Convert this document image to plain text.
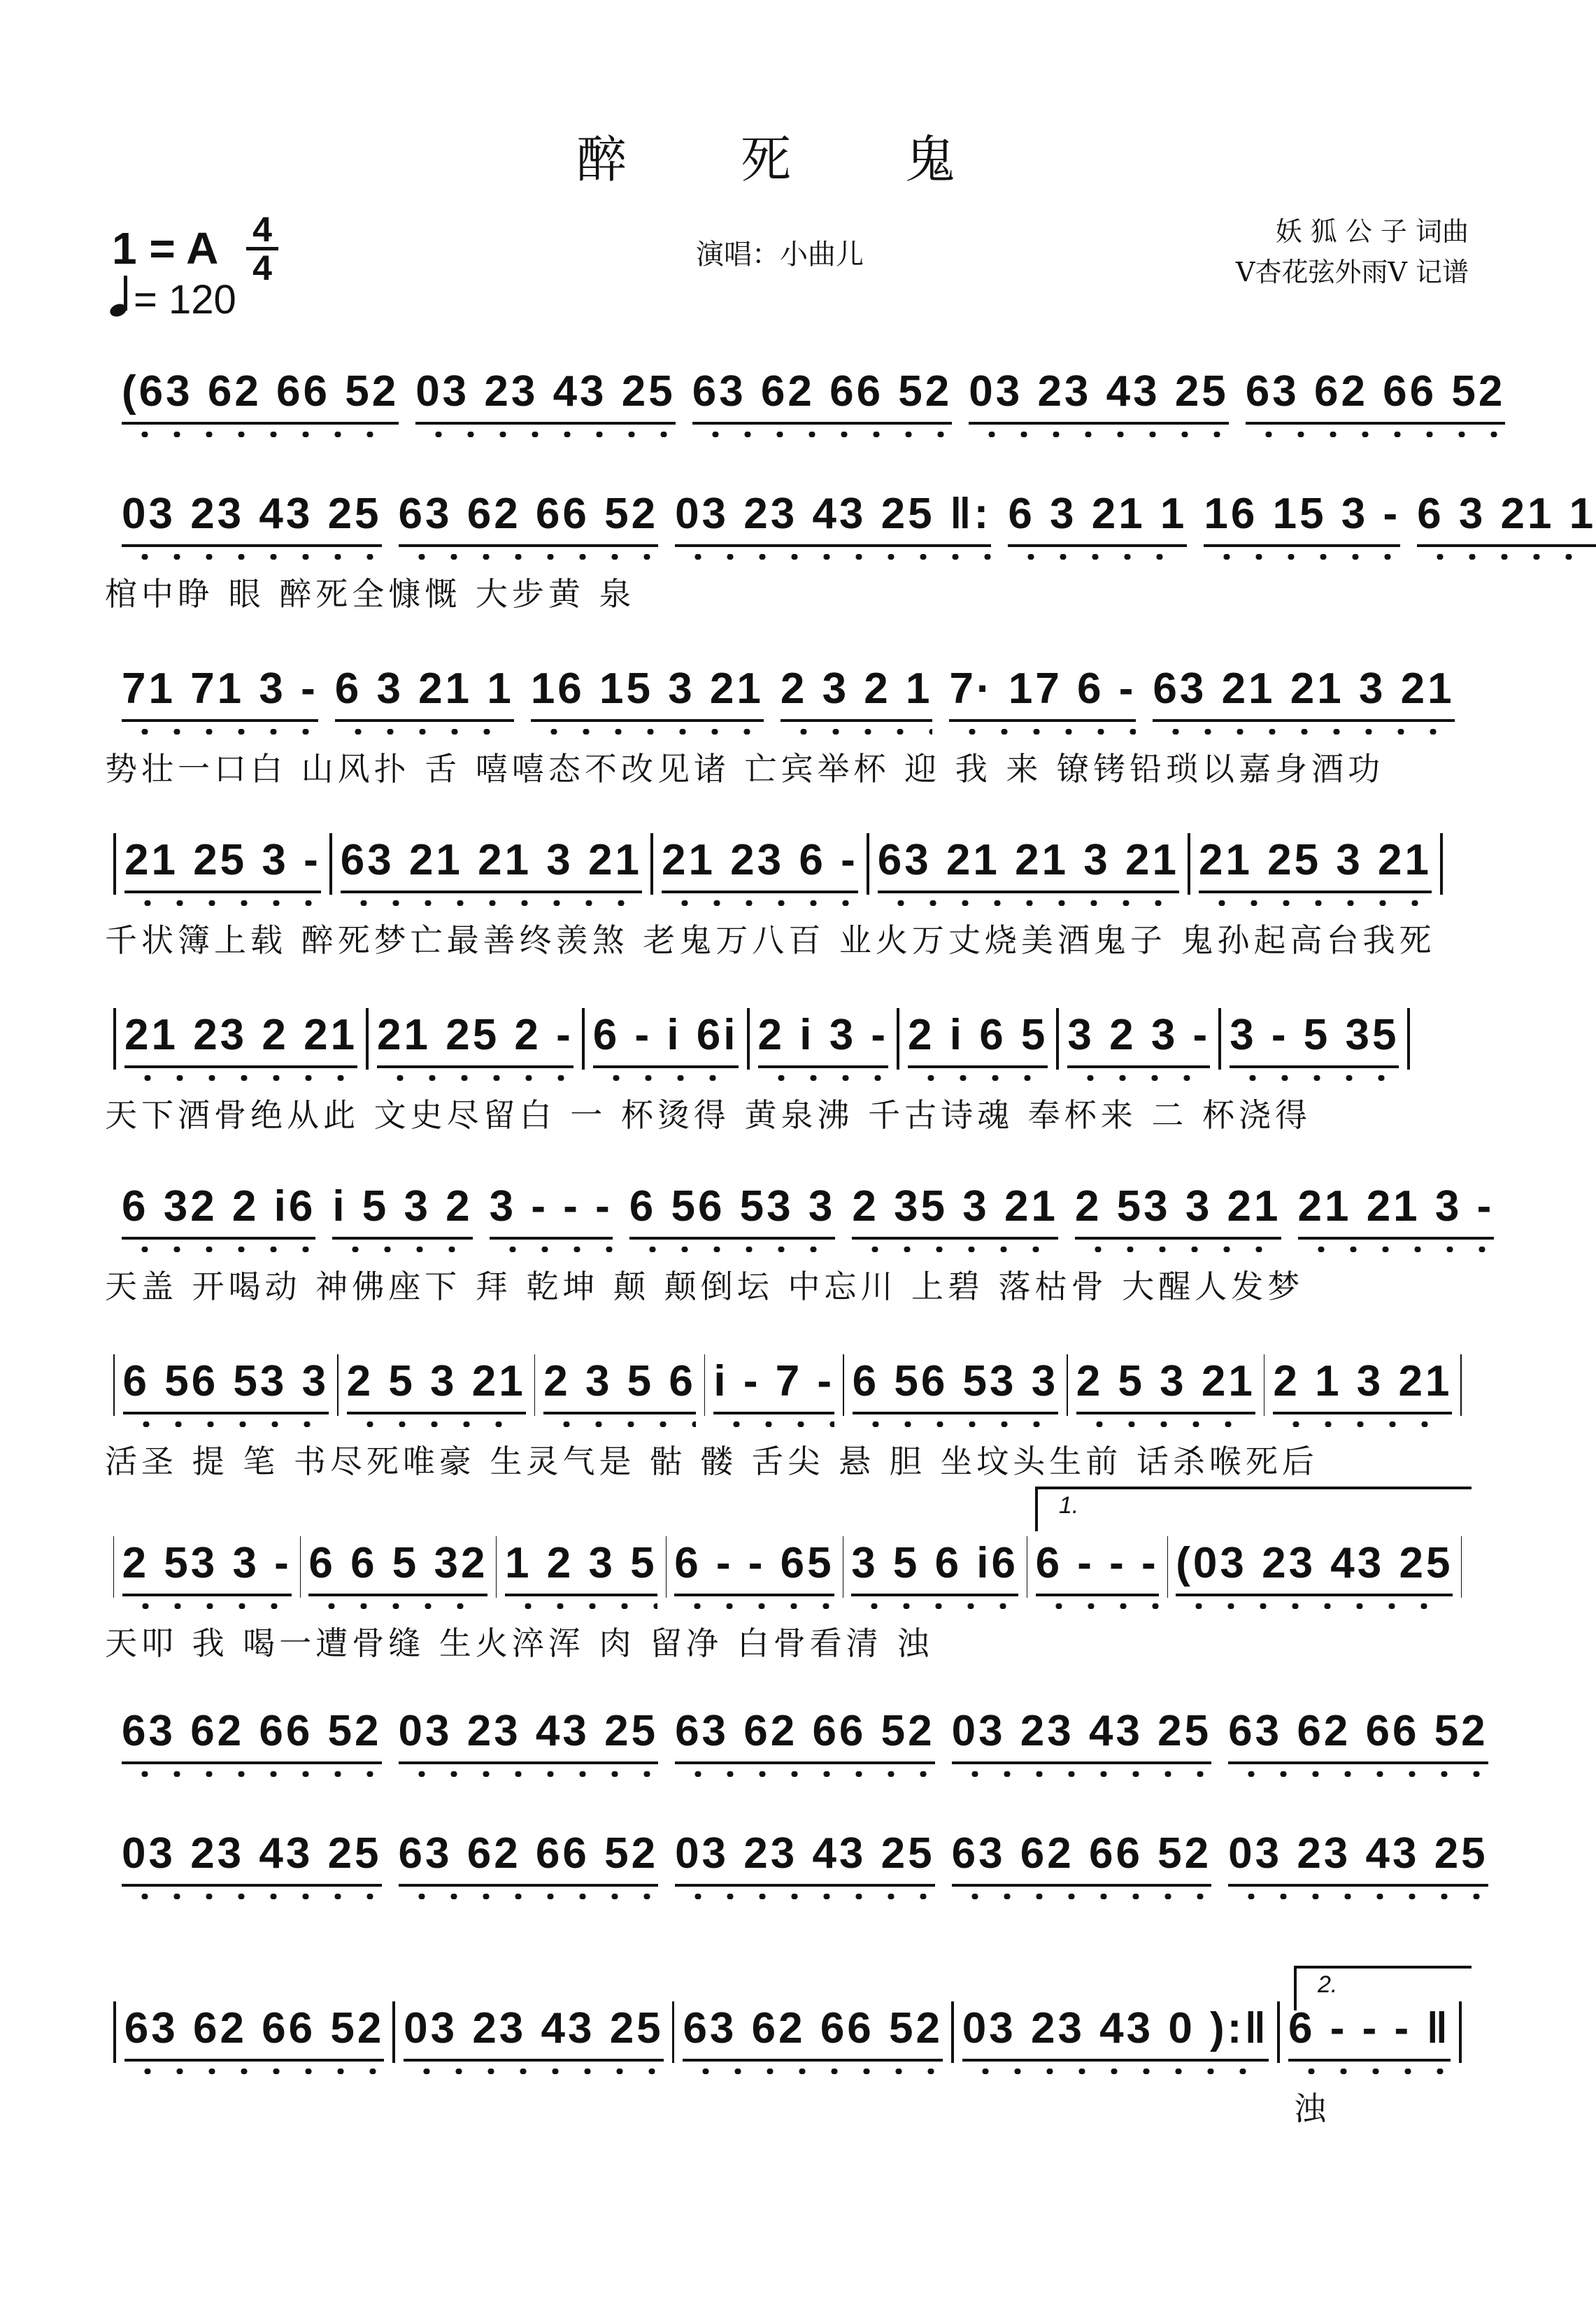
醉 死 鬼
1 = A 4
4
= 120
演唱：小曲儿
妖 狐 公 子 词曲
V杏花弦外雨V 记谱
(63 62 66 52 03 23 43 25 63 62 66 52 03 23 43 25 63 62 66 52
03 23 43 25 63 62 66 52 03 23 43 25 ‖: 6 3 21 1 16 15 3 - 6 3 21 1
棺中睁 眼 醉死全慷慨 大步黄 泉
71 71 3 - 6 3 21 1 16 15 3 21 2 3 2 1 7· 17 6 - 63 21 21 3 21
势壮一口白 山风扑 舌 嘻嘻态不改见诸 亡宾举杯 迎 我 来 镣铐铅琐以嘉身酒功
21 25 3 - 63 21 21 3 21 21 23 6 - 63 21 21 3 21 21 25 3 21
千状簿上载 醉死梦亡最善终羡煞 老鬼万八百 业火万丈烧美酒鬼子 鬼孙起高台我死
21 23 2 21 21 25 2 - 6 - i 6i 2 i 3 - 2 i 6 5 3 2 3 - 3 - 5 35
天下酒骨绝从此 文史尽留白 一 杯烫得 黄泉沸 千古诗魂 奉杯来 二 杯浇得
6 32 2 i6 i 5 3 2 3 - - - 6 56 53 3 2 35 3 21 2 53 3 21 21 21 3 -
天盖 开喝动 神佛座下 拜 乾坤 颠 颠倒坛 中忘川 上碧 落枯骨 大醒人发梦
6 56 53 3 2 5 3 21 2 3 5 6 i - 7 - 6 56 53 3 2 5 3 21 2 1 3 21
活圣 提 笔 书尽死唯豪 生灵气是 骷 髅 舌尖 悬 胆 坐坟头生前 话杀喉死后
2 53 3 - 6 6 5 32 1 2 3 5 6 - - 65 3 5 6 i6 6 - - - (03 23 43 25
天叩 我 喝一遭骨缝 生火淬浑 肉 留净 白骨看清 浊
1.
63 62 66 52 03 23 43 25 63 62 66 52 03 23 43 25 63 62 66 52
03 23 43 25 63 62 66 52 03 23 43 25 63 62 66 52 03 23 43 25
63 62 66 52 03 23 43 25 63 62 66 52 03 23 43 0 ):‖ 6 - - - ‖
浊
2.
